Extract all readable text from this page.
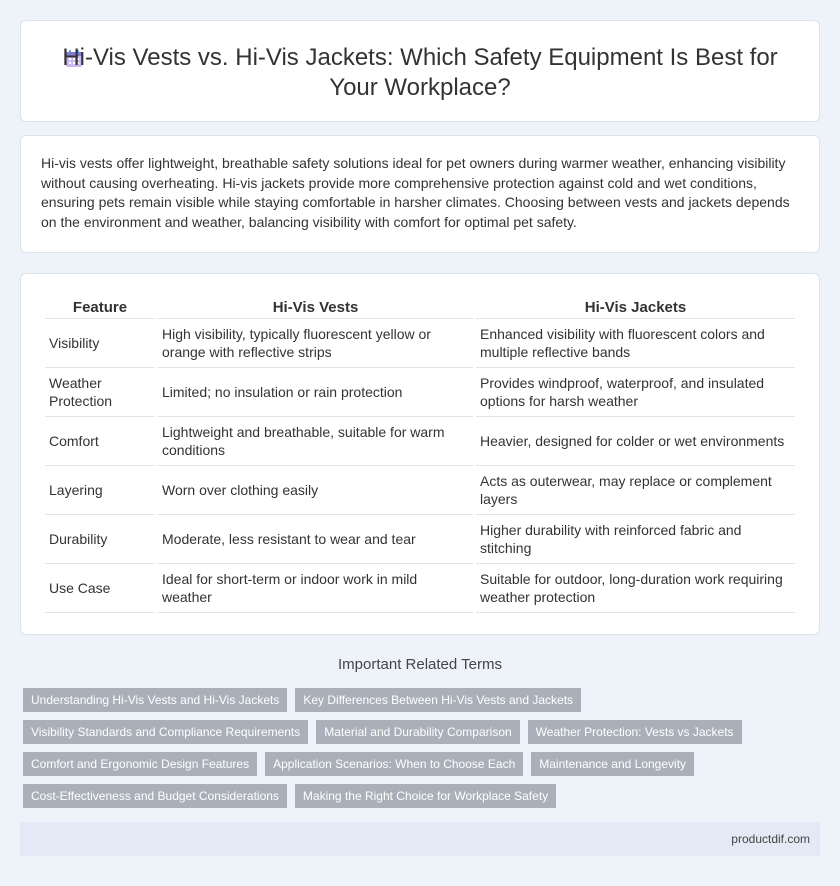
Hi-Vis Vests vs. Hi-Vis Jackets: Which Safety Equipment Is Best for Your Workplace?

Hi-vis vests offer lightweight, breathable safety solutions ideal for pet owners during warmer weather, enhancing visibility without causing overheating. Hi-vis jackets provide more comprehensive protection against cold and wet conditions, ensuring pets remain visible while staying comfortable in harsher climates. Choosing between vests and jackets depends on the environment and weather, balancing visibility with comfort for optimal pet safety.

Feature	Hi-Vis Vests	Hi-Vis Jackets
Visibility	High visibility, typically fluorescent yellow or orange with reflective strips	Enhanced visibility with fluorescent colors and multiple reflective bands
Weather Protection	Limited; no insulation or rain protection	Provides windproof, waterproof, and insulated options for harsh weather
Comfort	Lightweight and breathable, suitable for warm conditions	Heavier, designed for colder or wet environments
Layering	Worn over clothing easily	Acts as outerwear, may replace or complement layers
Durability	Moderate, less resistant to wear and tear	Higher durability with reinforced fabric and stitching
Use Case	Ideal for short-term or indoor work in mild weather	Suitable for outdoor, long-duration work requiring weather protection
Important Related Terms
Understanding Hi-Vis Vests and Hi-Vis Jackets	Key Differences Between Hi-Vis Vests and Jackets
Visibility Standards and Compliance Requirements	Material and Durability Comparison	Weather Protection: Vests vs Jackets
Comfort and Ergonomic Design Features	Application Scenarios: When to Choose Each	Maintenance and Longevity
Cost-Effectiveness and Budget Considerations	Making the Right Choice for Workplace Safety
productdif.com
